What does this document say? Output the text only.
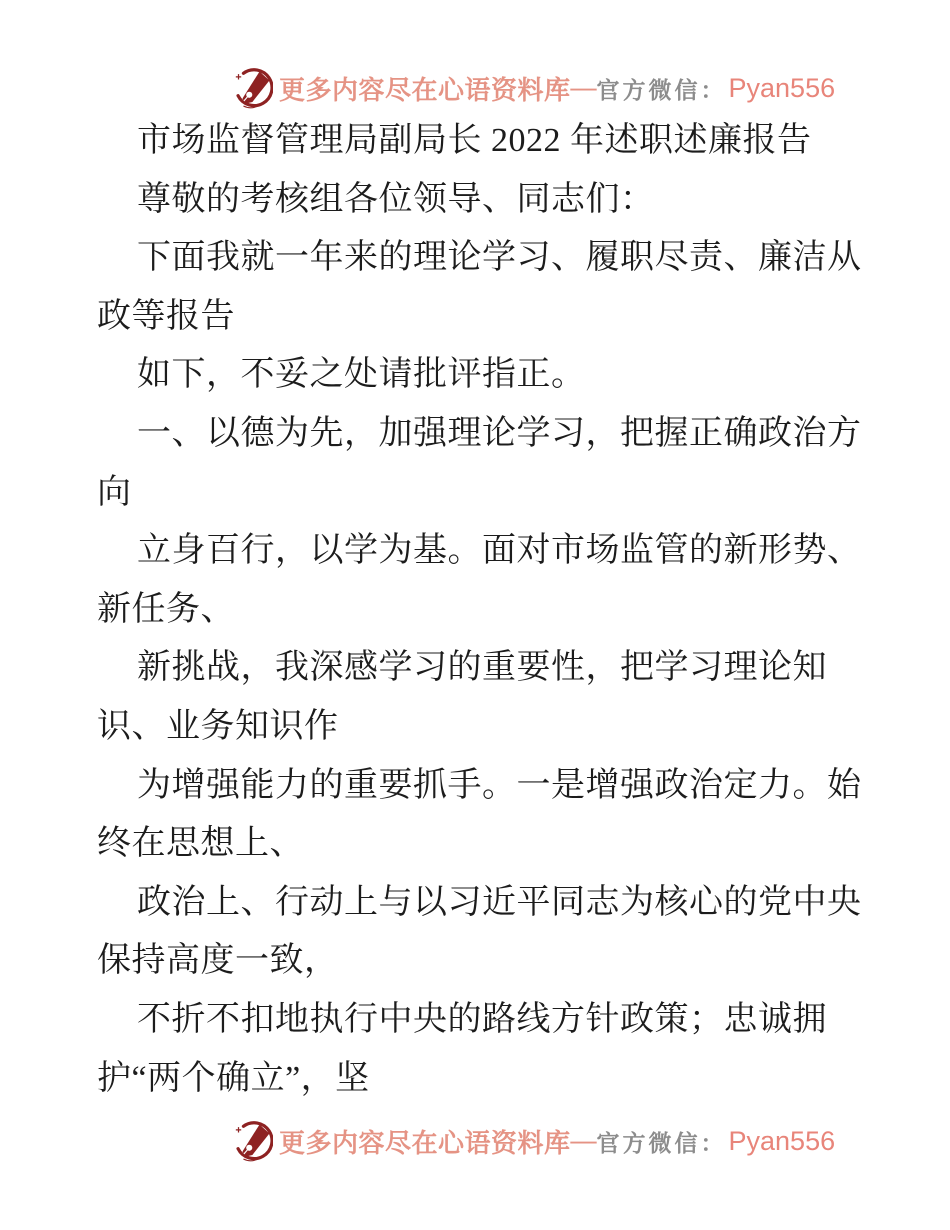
更多内容尽在心语资料库 — 官方微信： Pyan556
市场监督管理局副局长 2022 年述职述廉报告
尊敬的考核组各位领导、同志们：
下面我就一年来的理论学习、履职尽责、廉洁从
政等报告
如下，不妥之处请批评指正。
一、以德为先，加强理论学习，把握正确政治方
向
立身百行，以学为基。面对市场监管的新形势、
新任务、
新挑战，我深感学习的重要性，把学习理论知
识、业务知识作
为增强能力的重要抓手。一是增强政治定力。始
终在思想上、
政治上、行动上与以习近平同志为核心的党中央
保持高度一致，
不折不扣地执行中央的路线方针政策；忠诚拥
护“两个确立”，坚
更多内容尽在心语资料库 — 官方微信： Pyan556
